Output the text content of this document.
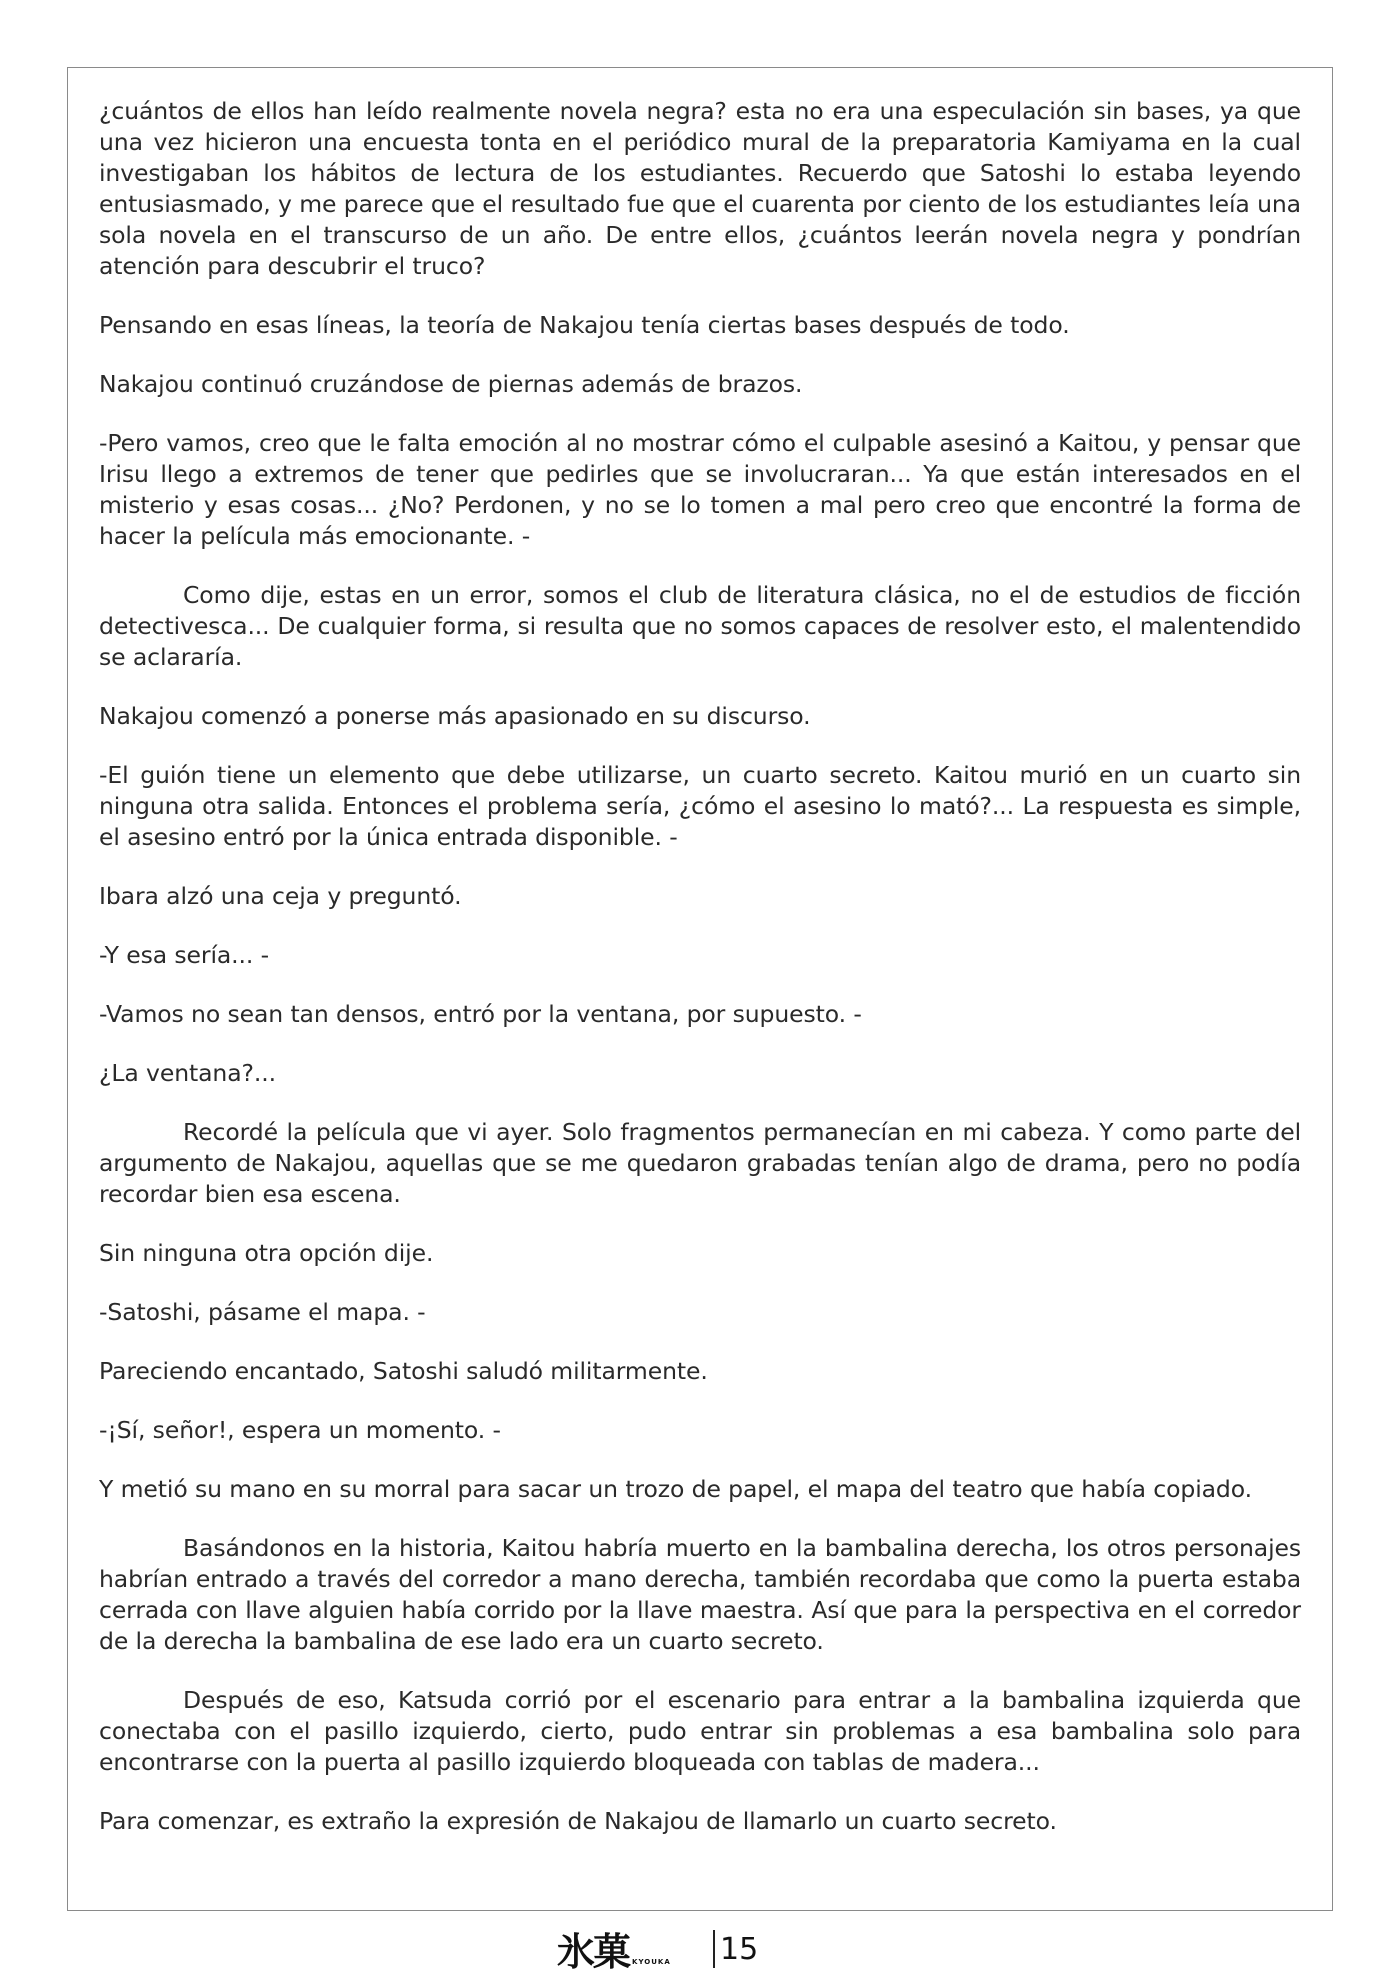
¿cuántos de ellos han leído realmente novela negra? esta no era una especulación sin bases, ya que una vez hicieron una encuesta tonta en el periódico mural de la preparatoria Kamiyama en la cual investigaban los hábitos de lectura de los estudiantes. Recuerdo que Satoshi lo estaba leyendo entusiasmado, y me parece que el resultado fue que el cuarenta por ciento de los estudiantes leía una sola novela en el transcurso de un año. De entre ellos, ¿cuántos leerán novela negra y pondrían atención para descubrir el truco?

Pensando en esas líneas, la teoría de Nakajou tenía ciertas bases después de todo.

Nakajou continuó cruzándose de piernas además de brazos.

-Pero vamos, creo que le falta emoción al no mostrar cómo el culpable asesinó a Kaitou, y pensar que Irisu llego a extremos de tener que pedirles que se involucraran... Ya que están interesados en el misterio y esas cosas... ¿No? Perdonen, y no se lo tomen a mal pero creo que encontré la forma de hacer la película más emocionante. -

Como dije, estas en un error, somos el club de literatura clásica, no el de estudios de ficción detectivesca... De cualquier forma, si resulta que no somos capaces de resolver esto, el malentendido se aclararía.

Nakajou comenzó a ponerse más apasionado en su discurso.

-El guión tiene un elemento que debe utilizarse, un cuarto secreto. Kaitou murió en un cuarto sin ninguna otra salida. Entonces el problema sería, ¿cómo el asesino lo mató?... La respuesta es simple, el asesino entró por la única entrada disponible. -

Ibara alzó una ceja y preguntó.

-Y esa sería... -

-Vamos no sean tan densos, entró por la ventana, por supuesto. -

¿La ventana?...

Recordé la película que vi ayer. Solo fragmentos permanecían en mi cabeza. Y como parte del argumento de Nakajou, aquellas que se me quedaron grabadas tenían algo de drama, pero no podía recordar bien esa escena.

Sin ninguna otra opción dije.

-Satoshi, pásame el mapa. -

Pareciendo encantado, Satoshi saludó militarmente.

-¡Sí, señor!, espera un momento. -

Y metió su mano en su morral para sacar un trozo de papel, el mapa del teatro que había copiado.

Basándonos en la historia, Kaitou habría muerto en la bambalina derecha, los otros personajes habrían entrado a través del corredor a mano derecha, también recordaba que como la puerta estaba cerrada con llave alguien había corrido por la llave maestra. Así que para la perspectiva en el corredor de la derecha la bambalina de ese lado era un cuarto secreto.

Después de eso, Katsuda corrió por el escenario para entrar a la bambalina izquierda que conectaba con el pasillo izquierdo, cierto, pudo entrar sin problemas a esa bambalina solo para encontrarse con la puerta al pasillo izquierdo bloqueada con tablas de madera...

Para comenzar, es extraño la expresión de Nakajou de llamarlo un cuarto secreto.

氷菓 KYOUKA 15
